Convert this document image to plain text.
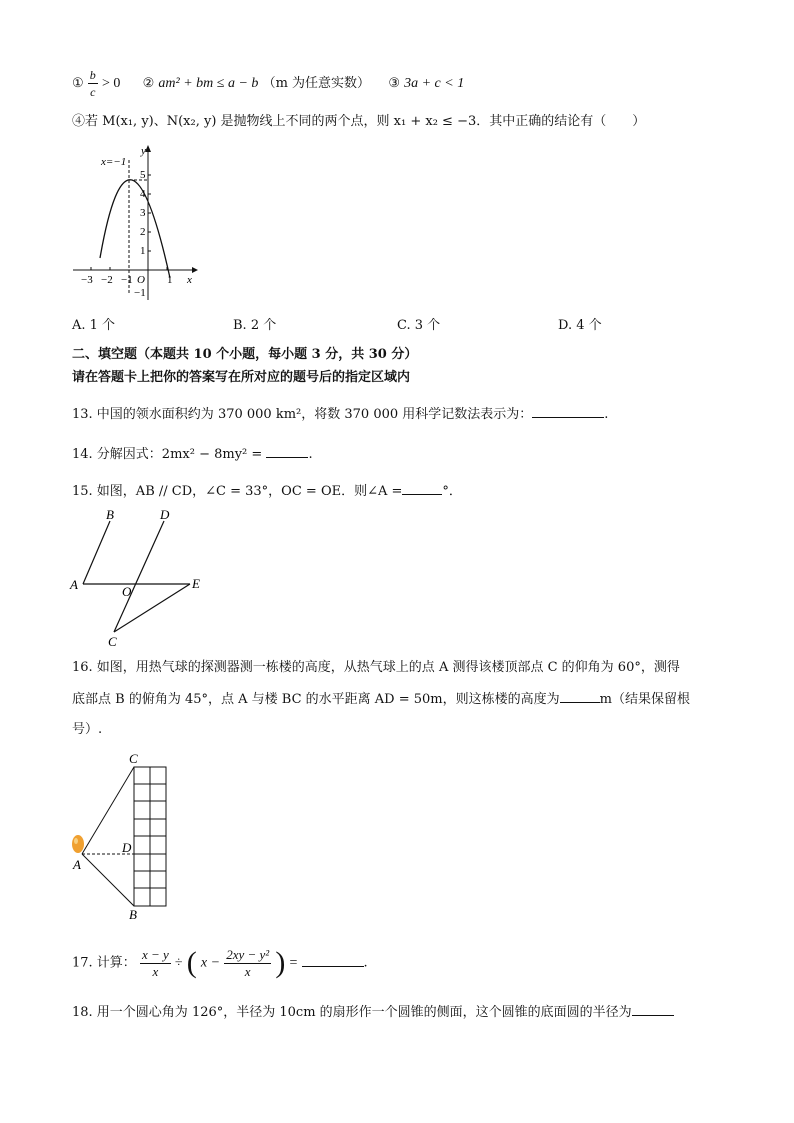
① $\frac{b}{c} > 0$ ② am² + bm ≤ a − b （m 为任意实数） ③ 3a + c < 1
④若 M(x₁, y)、N(x₂, y) 是抛物线上不同的两个点，则 x₁ + x₂ ≤ −3．其中正确的结论有（　　）
x=−1
y
x
O
−3 −2 −1	1
5
4
3
2
1
−1
A. 1 个	B. 2 个	C. 3 个	D. 4 个
二、填空题（本题共 10 个小题，每小题 3 分，共 30 分）
请在答题卡上把你的答案写在所对应的题号后的指定区域内
13. 中国的领水面积约为 370 000 km²，将数 370 000 用科学记数法表示为：	.
14. 分解因式：2mx² − 8my² =	.
15. 如图，AB // CD，∠C = 33°，OC = OE．则∠A =	°．
B	D
A	O
E
C
16. 如图，用热气球的探测器测一栋楼的高度，从热气球上的点 A 测得该楼顶部点 C 的仰角为 60°，测得
底部点 B 的俯角为 45°，点 A 与楼 BC 的水平距离 AD = 50m，则这栋楼的高度为	m（结果保留根
号）.
C
D
A
B
17. 计算： $\frac{x - y}{x}$ ÷ ( $x - \frac{\text{2xy − y²}}{x}$ ) =	.
18. 用一个圆心角为 126°，半径为 10cm 的扇形作一个圆锥的侧面，这个圆锥的底面圆的半径为
